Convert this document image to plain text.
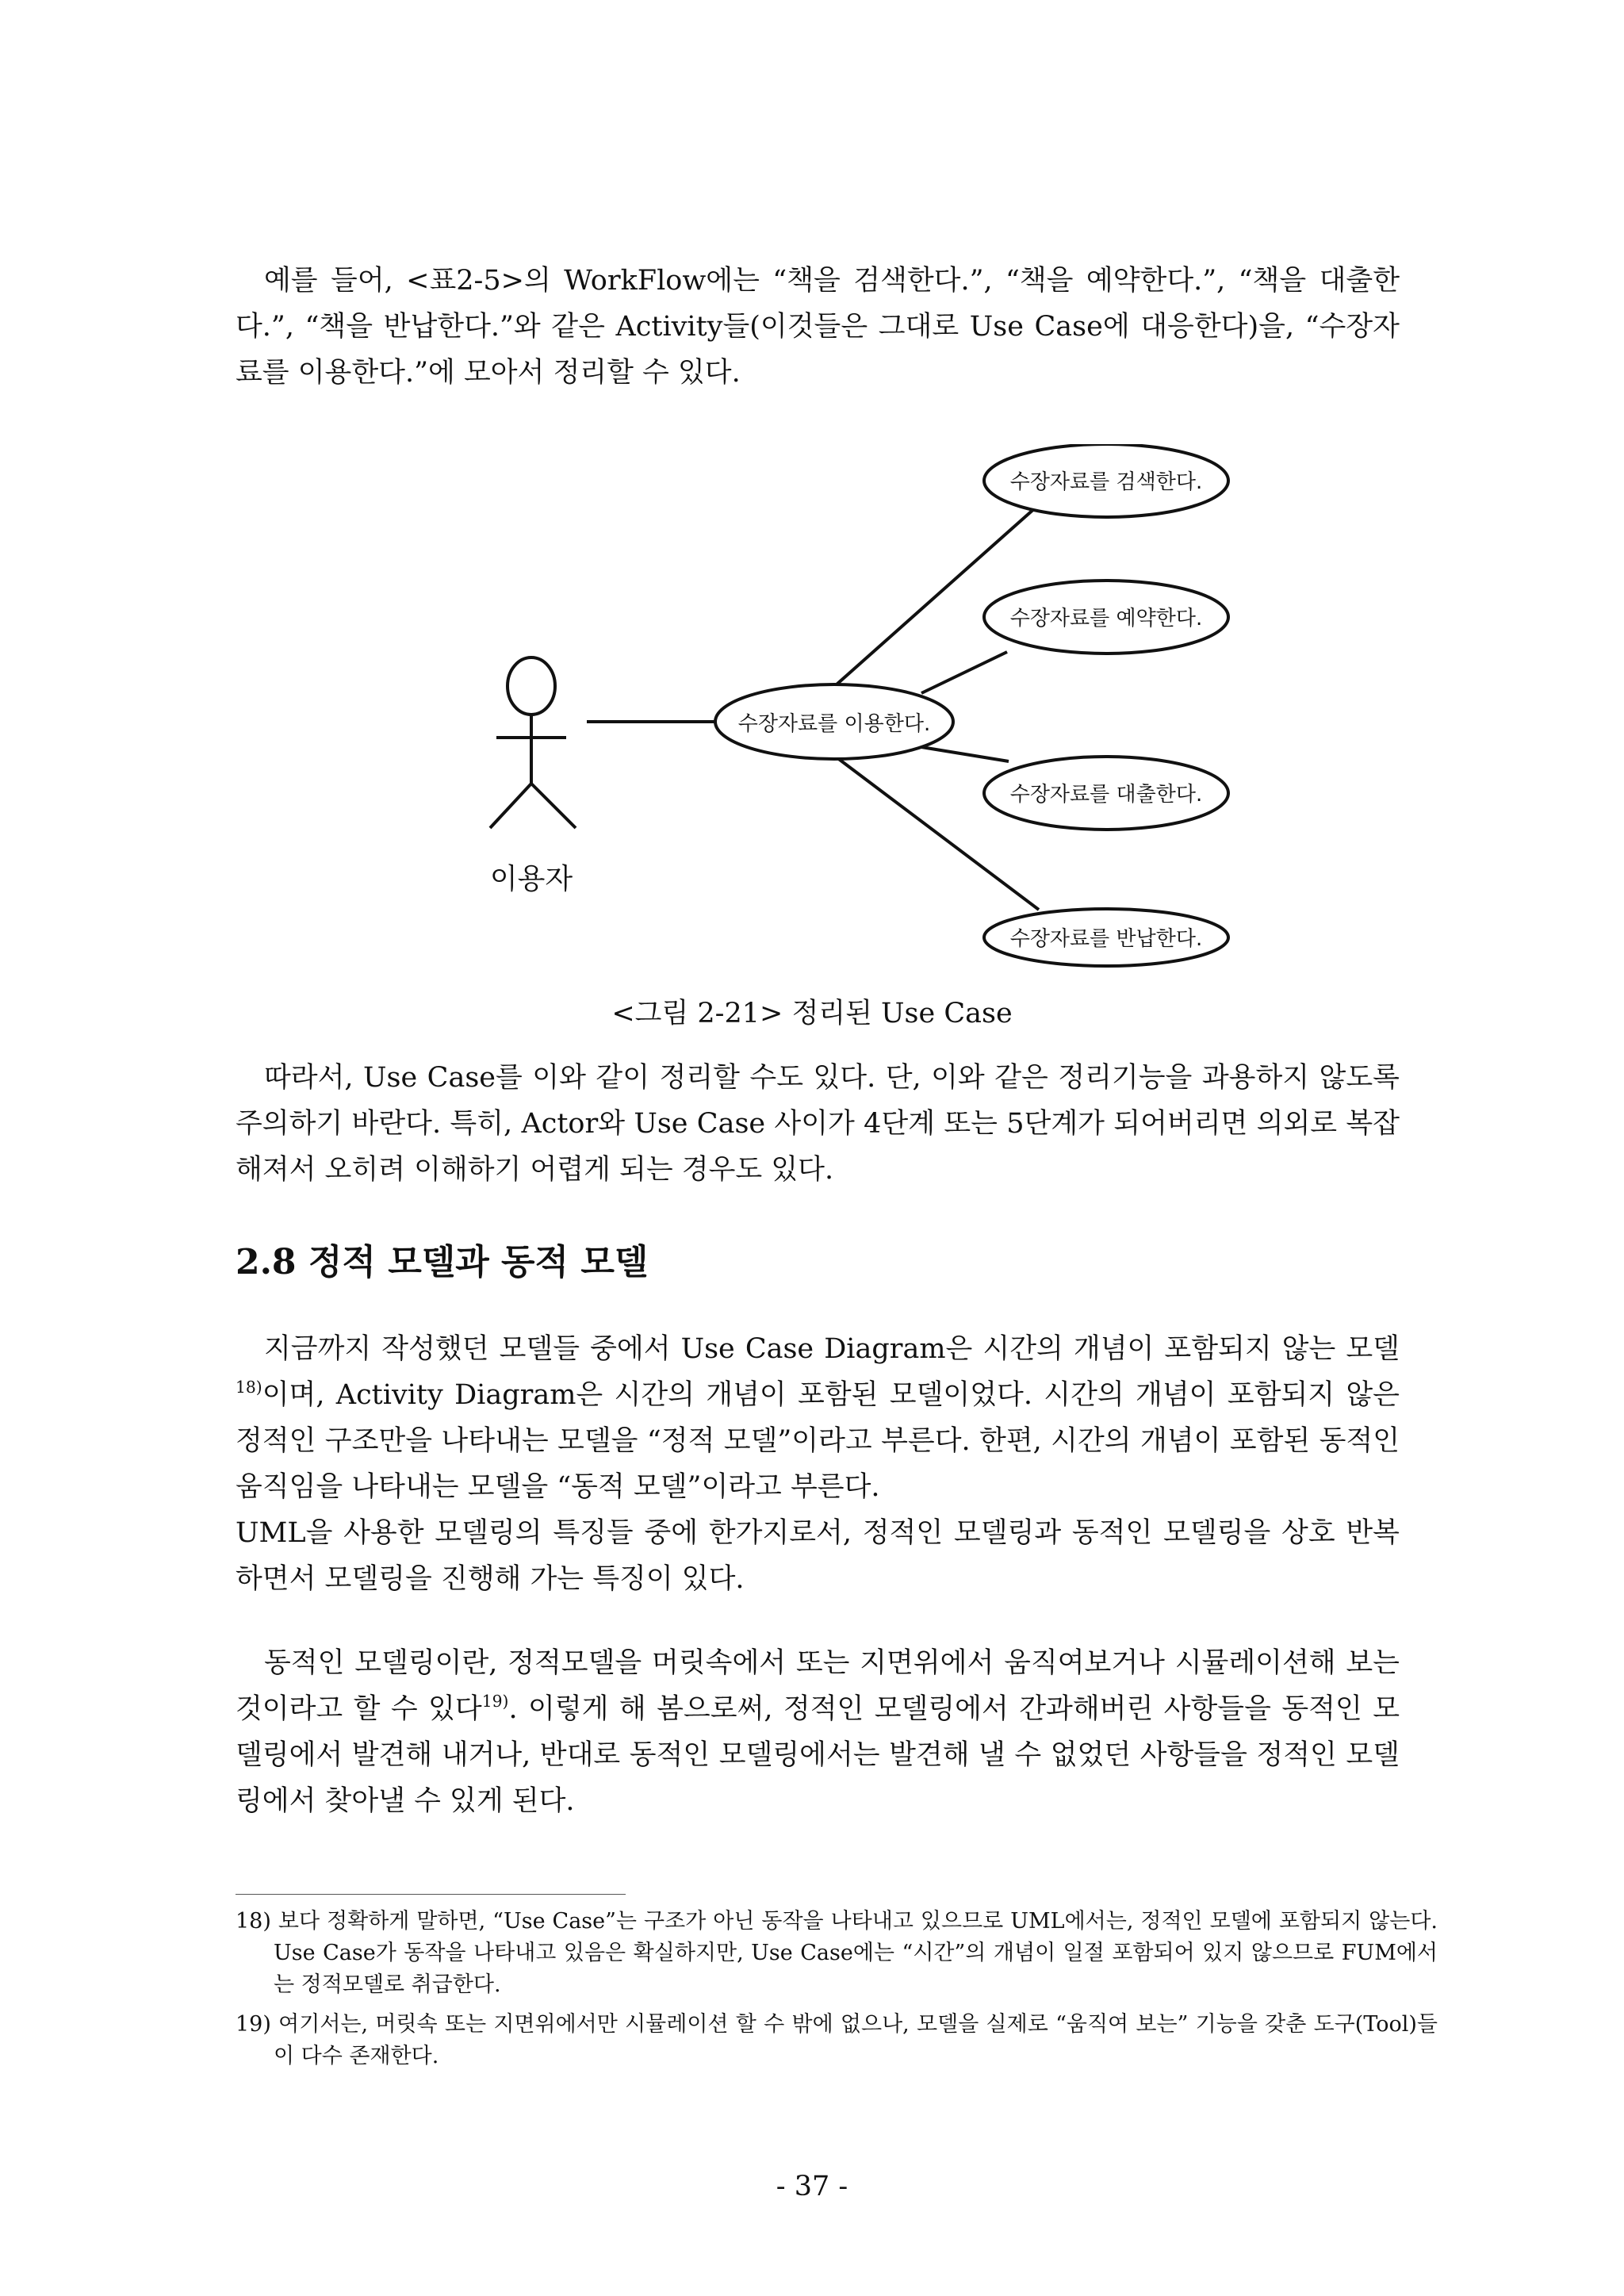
예를 들어, <표2-5>의 WorkFlow에는 “책을 검색한다.”, “책을 예약한다.”, “책을 대출한다.”, “책을 반납한다.”와 같은 Activity들(이것들은 그대로 Use Case에 대응한다)을, “수장자료를 이용한다.”에 모아서 정리할 수 있다.

이용자
수장자료를 이용한다.
수장자료를 검색한다.
수장자료를 예약한다.
수장자료를 대출한다.
수장자료를 반납한다.
<그림 2-21> 정리된 Use Case

따라서, Use Case를 이와 같이 정리할 수도 있다. 단, 이와 같은 정리기능을 과용하지 않도록 주의하기 바란다. 특히, Actor와 Use Case 사이가 4단계 또는 5단계가 되어버리면 의외로 복잡해져서 오히려 이해하기 어렵게 되는 경우도 있다.

2.8 정적 모델과 동적 모델

지금까지 작성했던 모델들 중에서 Use Case Diagram은 시간의 개념이 포함되지 않는 모델$^{18)}$이며, Activity Diagram은 시간의 개념이 포함된 모델이었다. 시간의 개념이 포함되지 않은 정적인 구조만을 나타내는 모델을 “정적 모델”이라고 부른다. 한편, 시간의 개념이 포함된 동적인 움직임을 나타내는 모델을 “동적 모델”이라고 부른다.

UML을 사용한 모델링의 특징들 중에 한가지로서, 정적인 모델링과 동적인 모델링을 상호 반복하면서 모델링을 진행해 가는 특징이 있다.

동적인 모델링이란, 정적모델을 머릿속에서 또는 지면위에서 움직여보거나 시뮬레이션해 보는 것이라고 할 수 있다$^{19)}$. 이렇게 해 봄으로써, 정적인 모델링에서 간과해버린 사항들을 동적인 모델링에서 발견해 내거나, 반대로 동적인 모델링에서는 발견해 낼 수 없었던 사항들을 정적인 모델링에서 찾아낼 수 있게 된다.

18) 보다 정확하게 말하면, “Use Case”는 구조가 아닌 동작을 나타내고 있으므로 UML에서는, 정적인 모델에 포함되지 않는다. Use Case가 동작을 나타내고 있음은 확실하지만, Use Case에는 “시간”의 개념이 일절 포함되어 있지 않으므로 FUM에서는 정적모델로 취급한다.

19) 여기서는, 머릿속 또는 지면위에서만 시뮬레이션 할 수 밖에 없으나, 모델을 실제로 “움직여 보는” 기능을 갖춘 도구(Tool)들이 다수 존재한다.

- 37 -
